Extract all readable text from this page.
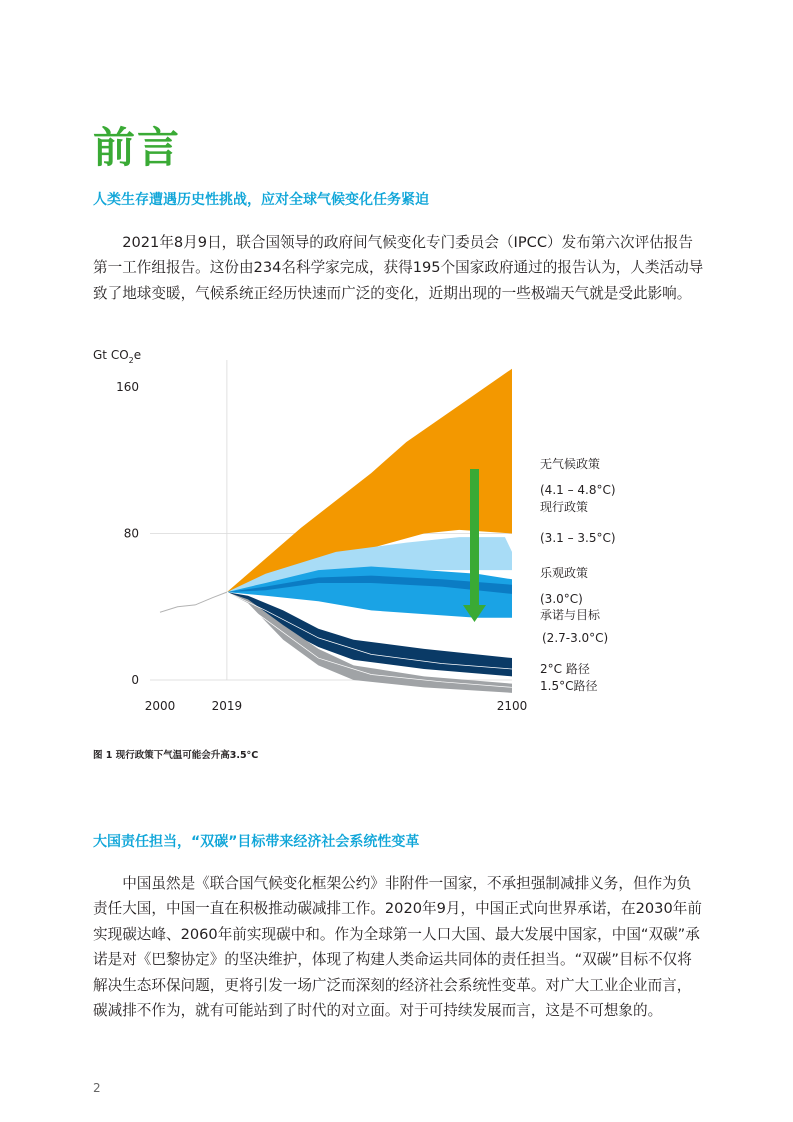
前言
人类生存遭遇历史性挑战，应对全球气候变化任务紧迫

2021年8月9日，联合国领导的政府间气候变化专门委员会（IPCC）发布第六次评估报告第一工作组报告。这份由234名科学家完成，获得195个国家政府通过的报告认为，人类活动导致了地球变暖，气候系统正经历快速而广泛的变化，近期出现的一些极端天气就是受此影响。

Gt $CO_2e$
160
80
0
2000	2019	2100
无气候政策
(4.1 – 4.8°C)
现行政策
(3.1 – 3.5°C)
乐观政策
(3.0°C)
承诺与目标
(2.7-3.0°C)
2°C 路径
1.5°C路径
图 1 现行政策下气温可能会升高3.5°C
大国责任担当，“双碳”目标带来经济社会系统性变革

中国虽然是《联合国气候变化框架公约》非附件一国家，不承担强制减排义务，但作为负责任大国，中国一直在积极推动碳减排工作。2020年9月，中国正式向世界承诺，在2030年前实现碳达峰、2060年前实现碳中和。作为全球第一人口大国、最大发展中国家，中国“双碳”承诺是对《巴黎协定》的坚决维护，体现了构建人类命运共同体的责任担当。“双碳”目标不仅将解决生态环保问题，更将引发一场广泛而深刻的经济社会系统性变革。对广大工业企业而言，碳减排不作为，就有可能站到了时代的对立面。对于可持续发展而言，这是不可想象的。

2
